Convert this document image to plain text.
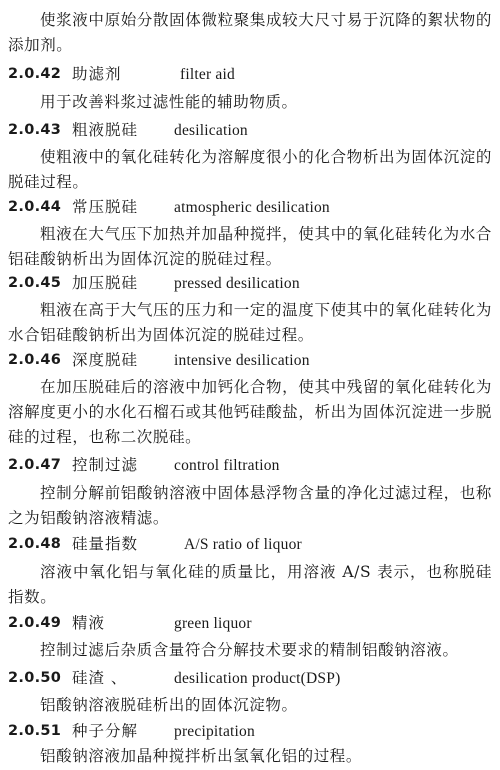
使浆液中原始分散固体微粒聚集成较大尺寸易于沉降的絮状物的添加剂。
2.0.42 助滤剂	filter aid
用于改善料浆过滤性能的辅助物质。
2.0.43 粗液脱硅 desilication
使粗液中的氧化硅转化为溶解度很小的化合物析出为固体沉淀的脱硅过程。
2.0.44 常压脱硅 atmospheric desilication
粗液在大气压下加热并加晶种搅拌，使其中的氧化硅转化为水合铝硅酸钠析出为固体沉淀的脱硅过程。
2.0.45 加压脱硅 pressed desilication
粗液在高于大气压的压力和一定的温度下使其中的氧化硅转化为水合铝硅酸钠析出为固体沉淀的脱硅过程。
2.0.46 深度脱硅 intensive desilication
在加压脱硅后的溶液中加钙化合物，使其中残留的氧化硅转化为溶解度更小的水化石榴石或其他钙硅酸盐，析出为固体沉淀进一步脱硅的过程，也称二次脱硅。
2.0.47 控制过滤 control filtration
控制分解前铝酸钠溶液中固体悬浮物含量的净化过滤过程，也称之为铝酸钠溶液精滤。
2.0.48 硅量指数	A/S ratio of liquor
溶液中氧化铝与氧化硅的质量比，用溶液 A/S 表示，也称脱硅指数。
2.0.49 精液	green liquor
控制过滤后杂质含量符合分解技术要求的精制铝酸钠溶液。
2.0.50 硅渣 、	desilication product(DSP)
铝酸钠溶液脱硅析出的固体沉淀物。
2.0.51 种子分解 precipitation
铝酸钠溶液加晶种搅拌析出氢氧化铝的过程。
